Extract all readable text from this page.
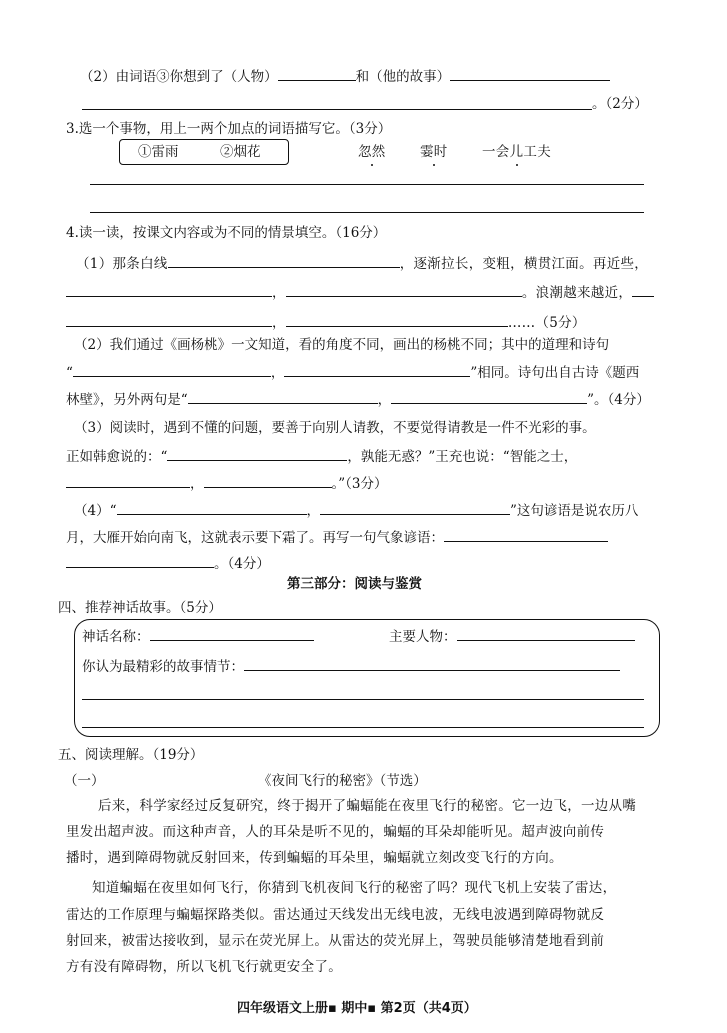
（2）由词语③你想到了（人物）	和（他的故事）
。（2分）
3.选一个事物，用上一两个加点的词语描写它。（3分）
①雷雨	②烟花	忽然	霎时	一会儿工夫
4.读一读，按课文内容或为不同的情景填空。（16分）
（1）那条白线	，逐渐拉长，变粗，横贯江面。再近些，
，	。浪潮越来越近，
，	……（5分）
（2）我们通过《画杨桃》一文知道，看的角度不同，画出的杨桃不同；其中的道理和诗句
“	，	”相同。诗句出自古诗《题西
林壁》，另外两句是“	，	”。（4分）
（3）阅读时，遇到不懂的问题，要善于向别人请教，不要觉得请教是一件不光彩的事。
正如韩愈说的：“	，孰能无惑？”王充也说：“智能之士，
，	。”（3分）
（4）“	，	”这句谚语是说农历八
月，大雁开始向南飞，这就表示要下霜了。再写一句气象谚语：
。（4分）
第三部分：阅读与鉴赏
四、推荐神话故事。（5分）
神话名称：	主要人物：
你认为最精彩的故事情节：
五、阅读理解。（19分）
（一）	《夜间飞行的秘密》（节选）
后来，科学家经过反复研究，终于揭开了蝙蝠能在夜里飞行的秘密。它一边飞，一边从嘴
里发出超声波。而这种声音，人的耳朵是听不见的，蝙蝠的耳朵却能听见。超声波向前传
播时，遇到障碍物就反射回来，传到蝙蝠的耳朵里，蝙蝠就立刻改变飞行的方向。
知道蝙蝠在夜里如何飞行，你猜到飞机夜间飞行的秘密了吗？现代飞机上安装了雷达，
雷达的工作原理与蝙蝠探路类似。雷达通过天线发出无线电波，无线电波遇到障碍物就反
射回来，被雷达接收到，显示在荧光屏上。从雷达的荧光屏上，驾驶员能够清楚地看到前
方有没有障碍物，所以飞机飞行就更安全了。
四年级语文上册▪ 期中▪ 第2页（共4页）
